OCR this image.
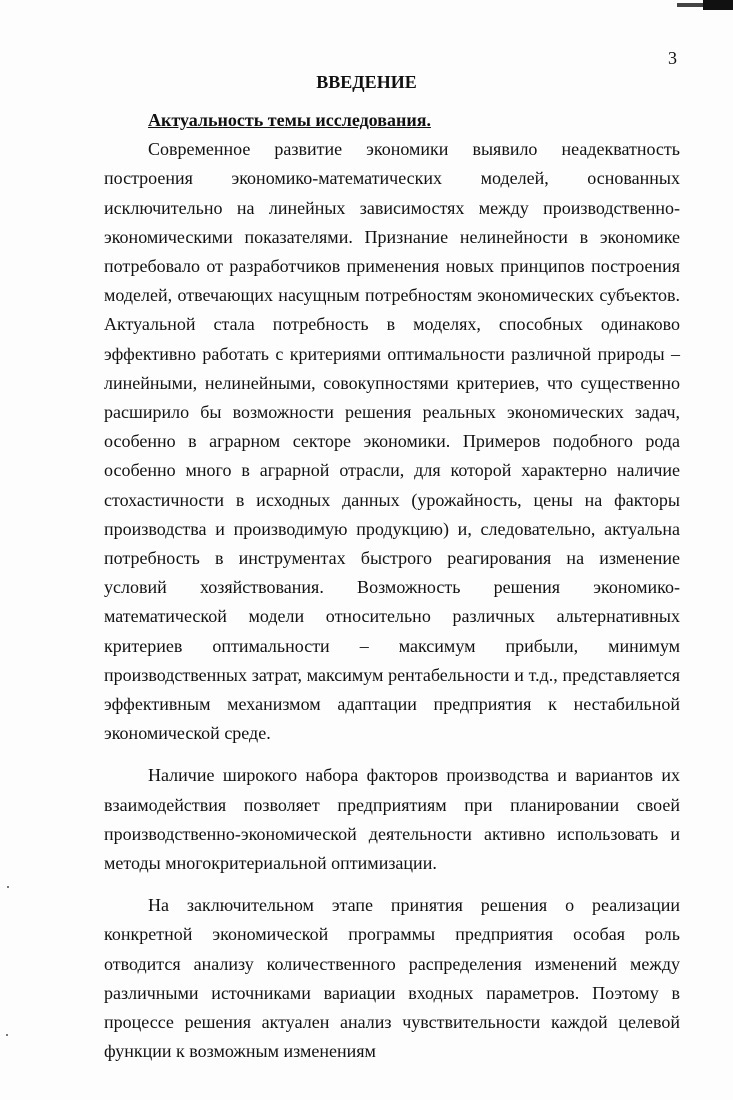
3
ВВЕДЕНИЕ

Актуальность темы исследования.

Современное развитие экономики выявило неадекватность построения экономико-математических моделей, основанных исключительно на линейных зависимостях между производственно-экономическими показателями. Признание нелинейности в экономике потребовало от разработчиков применения новых принципов построения моделей, отвечающих насущным потребностям экономических субъектов. Актуальной стала потребность в моделях, способных одинаково эффективно работать с критериями оптимальности различной природы – линейными, нелинейными, совокупностями критериев, что существенно расширило бы возможности решения реальных экономических задач, особенно в аграрном секторе экономики. Примеров подобного рода особенно много в аграрной отрасли, для которой характерно наличие стохастичности в исходных данных (урожайность, цены на факторы производства и производимую продукцию) и, следовательно, актуальна потребность в инструментах быстрого реагирования на изменение условий хозяйствования. Возможность решения экономико-математической модели относительно различных альтернативных критериев оптимальности – максимум прибыли, минимум производственных затрат, максимум рентабельности и т.д., представляется эффективным механизмом адаптации предприятия к нестабильной экономической среде.

Наличие широкого набора факторов производства и вариантов их взаимодействия позволяет предприятиям при планировании своей производственно-экономической деятельности активно использовать и методы многокритериальной оптимизации.

На заключительном этапе принятия решения о реализации конкретной экономической программы предприятия особая роль отводится анализу количественного распределения изменений между различными источниками вариации входных параметров. Поэтому в процессе решения актуален анализ чувствительности каждой целевой функции к возможным изменениям
